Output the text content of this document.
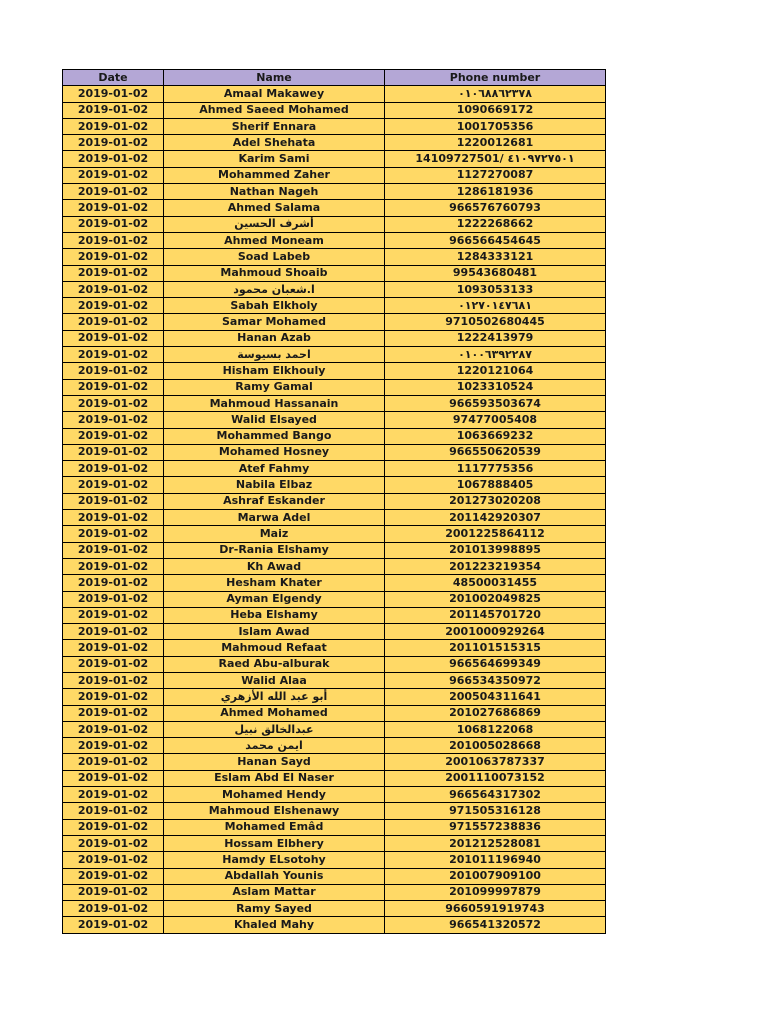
Date	Name	Phone number
2019-01-02	Amaal Makawey	٠١٠٦٨٨٦٢٣٧٨
2019-01-02	Ahmed Saeed Mohamed	1090669172
2019-01-02	Sherif Ennara	1001705356
2019-01-02	Adel Shehata	1220012681
2019-01-02	Karim Sami	14109727501/ ٤١٠٩٧٢٧٥٠١
2019-01-02	Mohammed Zaher	1127270087
2019-01-02	Nathan Nageh	1286181936
2019-01-02	Ahmed Salama	966576760793
2019-01-02	أشرف الحسين	1222268662
2019-01-02	Ahmed Moneam	966566454645
2019-01-02	Soad Labeb	1284333121
2019-01-02	Mahmoud Shoaib	99543680481
2019-01-02	ا.شعبان محمود	1093053133
2019-01-02	Sabah Elkholy	٠١٢٧٠١٤٧٦٨١
2019-01-02	Samar Mohamed	9710502680445
2019-01-02	Hanan Azab	1222413979
2019-01-02	احمد بسيوسة	٠١٠٠٦٣٩٢٢٨٧
2019-01-02	Hisham Elkhouly	1220121064
2019-01-02	Ramy Gamal	1023310524
2019-01-02	Mahmoud Hassanain	966593503674
2019-01-02	Walid Elsayed	97477005408
2019-01-02	Mohammed Bango	1063669232
2019-01-02	Mohamed Hosney	966550620539
2019-01-02	Atef Fahmy	1117775356
2019-01-02	Nabila Elbaz	1067888405
2019-01-02	Ashraf Eskander	201273020208
2019-01-02	Marwa Adel	201142920307
2019-01-02	Maiz	2001225864112
2019-01-02	Dr-Rania Elshamy	201013998895
2019-01-02	Kh Awad	201223219354
2019-01-02	Hesham Khater	48500031455
2019-01-02	Ayman Elgendy	201002049825
2019-01-02	Heba Elshamy	201145701720
2019-01-02	Islam Awad	2001000929264
2019-01-02	Mahmoud Refaat	201101515315
2019-01-02	Raed Abu-alburak	966564699349
2019-01-02	Walid Alaa	966534350972
2019-01-02	أبو عبد الله الأزهري	200504311641
2019-01-02	Ahmed Mohamed	201027686869
2019-01-02	عبدالخالق نبيل	1068122068
2019-01-02	ايمن محمد	201005028668
2019-01-02	Hanan Sayd	2001063787337
2019-01-02	Eslam Abd El Naser	2001110073152
2019-01-02	Mohamed Hendy	966564317302
2019-01-02	Mahmoud Elshenawy	971505316128
2019-01-02	Mohamed Emâd	971557238836
2019-01-02	Hossam Elbhery	201212528081
2019-01-02	Hamdy ELsotohy	201011196940
2019-01-02	Abdallah Younis	201007909100
2019-01-02	Aslam Mattar	201099997879
2019-01-02	Ramy Sayed	9660591919743
2019-01-02	Khaled Mahy	966541320572
